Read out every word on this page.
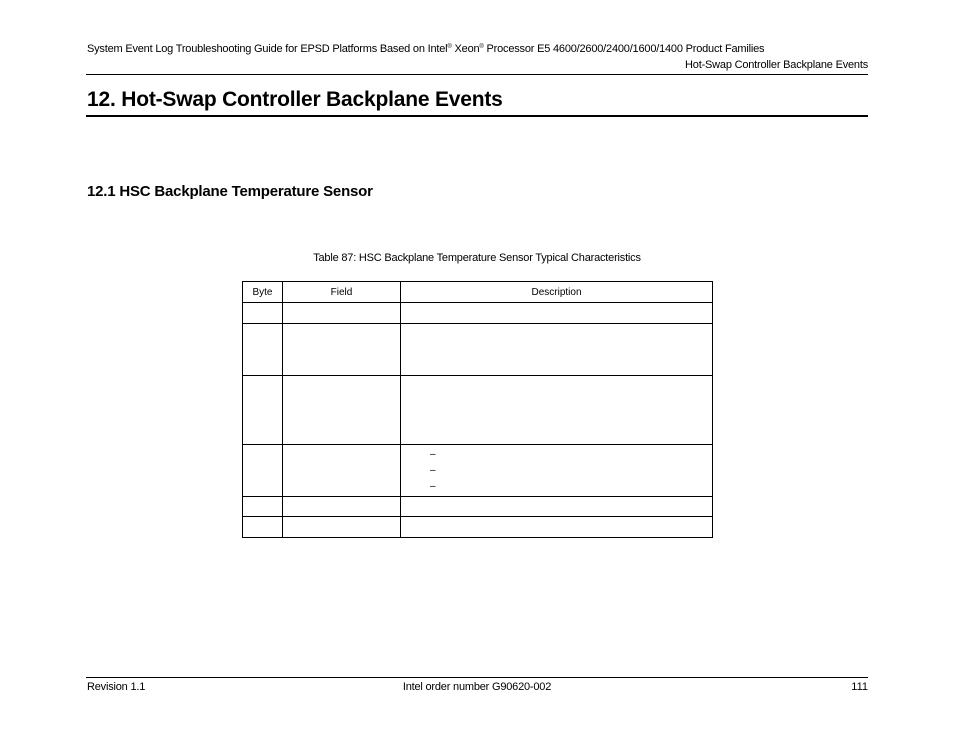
System Event Log Troubleshooting Guide for EPSD Platforms Based on Intel® Xeon® Processor E5 4600/2600/2400/1600/1400 Product Families
Hot-Swap Controller Backplane Events
12. Hot-Swap Controller Backplane Events
12.1 HSC Backplane Temperature Sensor
Table 87: HSC Backplane Temperature Sensor Typical Characteristics
Byte	Field	Description

		–
–
–

Revision 1.1	Intel order number G90620-002	111
